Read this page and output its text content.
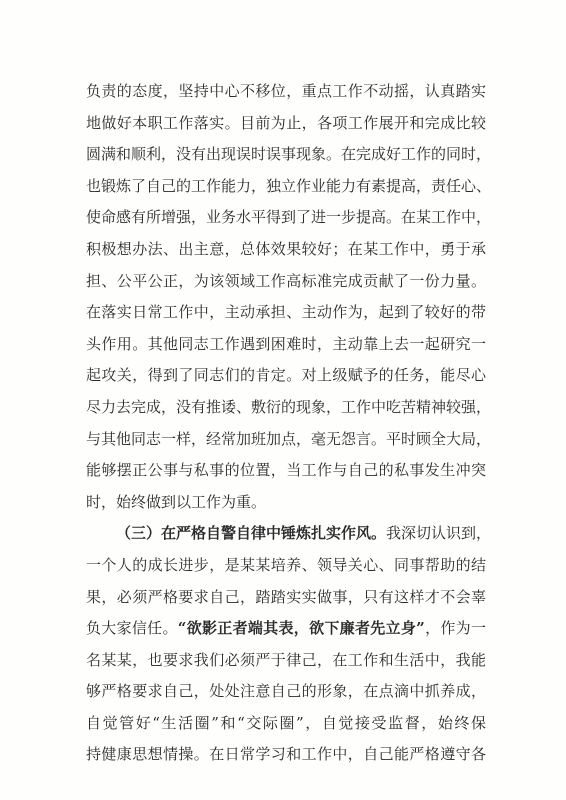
负责的态度，坚持中心不移位，重点工作不动摇，认真踏实
地做好本职工作落实。目前为止，各项工作展开和完成比较
圆满和顺利，没有出现误时误事现象。在完成好工作的同时，
也锻炼了自己的工作能力，独立作业能力有素提高，责任心、
使命感有所增强，业务水平得到了进一步提高。在某工作中，
积极想办法、出主意，总体效果较好；在某工作中，勇于承
担、公平公正，为该领域工作高标准完成贡献了一份力量。
在落实日常工作中，主动承担、主动作为，起到了较好的带
头作用。其他同志工作遇到困难时，主动靠上去一起研究一
起攻关，得到了同志们的肯定。对上级赋予的任务，能尽心
尽力去完成，没有推诿、敷衍的现象，工作中吃苦精神较强，
与其他同志一样，经常加班加点，毫无怨言。平时顾全大局，
能够摆正公事与私事的位置，当工作与自己的私事发生冲突
时，始终做到以工作为重。
（三）在严格自警自律中锤炼扎实作风。我深切认识到，
一个人的成长进步，是某某培养、领导关心、同事帮助的结
果，必须严格要求自己，踏踏实实做事，只有这样才不会辜
负大家信任。“欲影正者端其表，欲下廉者先立身”，作为一
名某某，也要求我们必须严于律己，在工作和生活中，我能
够严格要求自己，处处注意自己的形象，在点滴中抓养成，
自觉管好“生活圈”和“交际圈”，自觉接受监督，始终保
持健康思想情操。在日常学习和工作中，自己能严格遵守各
